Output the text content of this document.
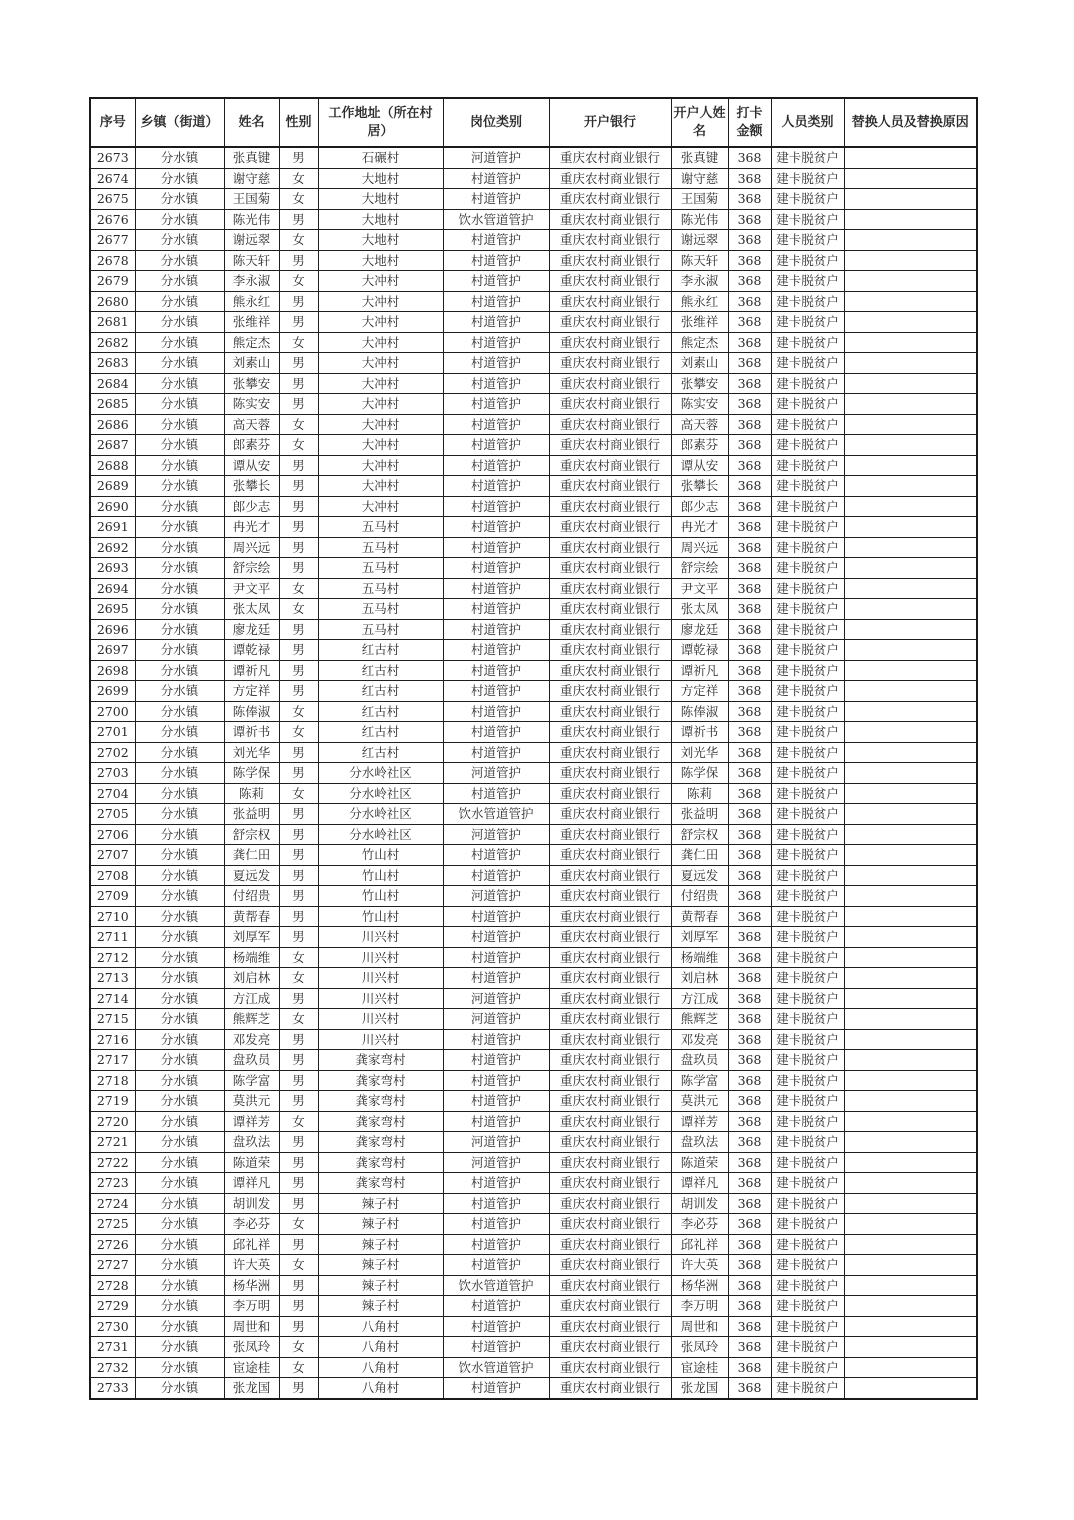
序号	乡镇（街道）	姓名	性别	工作地址（所在村居）	岗位类别	开户银行	开户人姓名	打卡金额	人员类别	替换人员及替换原因
2673	分水镇	张真键	男	石碾村	河道管护	重庆农村商业银行	张真键	368	建卡脱贫户	
2674	分水镇	谢守慈	女	大地村	村道管护	重庆农村商业银行	谢守慈	368	建卡脱贫户	
2675	分水镇	王国菊	女	大地村	村道管护	重庆农村商业银行	王国菊	368	建卡脱贫户	
2676	分水镇	陈光伟	男	大地村	饮水管道管护	重庆农村商业银行	陈光伟	368	建卡脱贫户	
2677	分水镇	谢远翠	女	大地村	村道管护	重庆农村商业银行	谢远翠	368	建卡脱贫户	
2678	分水镇	陈天轩	男	大地村	村道管护	重庆农村商业银行	陈天轩	368	建卡脱贫户	
2679	分水镇	李永淑	女	大冲村	村道管护	重庆农村商业银行	李永淑	368	建卡脱贫户	
2680	分水镇	熊永红	男	大冲村	村道管护	重庆农村商业银行	熊永红	368	建卡脱贫户	
2681	分水镇	张维祥	男	大冲村	村道管护	重庆农村商业银行	张维祥	368	建卡脱贫户	
2682	分水镇	熊定杰	女	大冲村	村道管护	重庆农村商业银行	熊定杰	368	建卡脱贫户	
2683	分水镇	刘素山	男	大冲村	村道管护	重庆农村商业银行	刘素山	368	建卡脱贫户	
2684	分水镇	张攀安	男	大冲村	村道管护	重庆农村商业银行	张攀安	368	建卡脱贫户	
2685	分水镇	陈实安	男	大冲村	村道管护	重庆农村商业银行	陈实安	368	建卡脱贫户	
2686	分水镇	高天蓉	女	大冲村	村道管护	重庆农村商业银行	高天蓉	368	建卡脱贫户	
2687	分水镇	郎素芬	女	大冲村	村道管护	重庆农村商业银行	郎素芬	368	建卡脱贫户	
2688	分水镇	谭从安	男	大冲村	村道管护	重庆农村商业银行	谭从安	368	建卡脱贫户	
2689	分水镇	张攀长	男	大冲村	村道管护	重庆农村商业银行	张攀长	368	建卡脱贫户	
2690	分水镇	郎少志	男	大冲村	村道管护	重庆农村商业银行	郎少志	368	建卡脱贫户	
2691	分水镇	冉光才	男	五马村	村道管护	重庆农村商业银行	冉光才	368	建卡脱贫户	
2692	分水镇	周兴远	男	五马村	村道管护	重庆农村商业银行	周兴远	368	建卡脱贫户	
2693	分水镇	舒宗绘	男	五马村	村道管护	重庆农村商业银行	舒宗绘	368	建卡脱贫户	
2694	分水镇	尹文平	女	五马村	村道管护	重庆农村商业银行	尹文平	368	建卡脱贫户	
2695	分水镇	张太凤	女	五马村	村道管护	重庆农村商业银行	张太凤	368	建卡脱贫户	
2696	分水镇	廖龙廷	男	五马村	村道管护	重庆农村商业银行	廖龙廷	368	建卡脱贫户	
2697	分水镇	谭乾禄	男	红古村	村道管护	重庆农村商业银行	谭乾禄	368	建卡脱贫户	
2698	分水镇	谭祈凡	男	红古村	村道管护	重庆农村商业银行	谭祈凡	368	建卡脱贫户	
2699	分水镇	方定祥	男	红古村	村道管护	重庆农村商业银行	方定祥	368	建卡脱贫户	
2700	分水镇	陈俸淑	女	红古村	村道管护	重庆农村商业银行	陈俸淑	368	建卡脱贫户	
2701	分水镇	谭祈书	女	红古村	村道管护	重庆农村商业银行	谭祈书	368	建卡脱贫户	
2702	分水镇	刘光华	男	红古村	村道管护	重庆农村商业银行	刘光华	368	建卡脱贫户	
2703	分水镇	陈学保	男	分水岭社区	河道管护	重庆农村商业银行	陈学保	368	建卡脱贫户	
2704	分水镇	陈莉	女	分水岭社区	村道管护	重庆农村商业银行	陈莉	368	建卡脱贫户	
2705	分水镇	张益明	男	分水岭社区	饮水管道管护	重庆农村商业银行	张益明	368	建卡脱贫户	
2706	分水镇	舒宗权	男	分水岭社区	河道管护	重庆农村商业银行	舒宗权	368	建卡脱贫户	
2707	分水镇	龚仁田	男	竹山村	村道管护	重庆农村商业银行	龚仁田	368	建卡脱贫户	
2708	分水镇	夏远发	男	竹山村	村道管护	重庆农村商业银行	夏远发	368	建卡脱贫户	
2709	分水镇	付绍贵	男	竹山村	河道管护	重庆农村商业银行	付绍贵	368	建卡脱贫户	
2710	分水镇	黄帮春	男	竹山村	村道管护	重庆农村商业银行	黄帮春	368	建卡脱贫户	
2711	分水镇	刘厚军	男	川兴村	村道管护	重庆农村商业银行	刘厚军	368	建卡脱贫户	
2712	分水镇	杨端维	女	川兴村	村道管护	重庆农村商业银行	杨端维	368	建卡脱贫户	
2713	分水镇	刘启林	女	川兴村	村道管护	重庆农村商业银行	刘启林	368	建卡脱贫户	
2714	分水镇	方江成	男	川兴村	河道管护	重庆农村商业银行	方江成	368	建卡脱贫户	
2715	分水镇	熊辉芝	女	川兴村	河道管护	重庆农村商业银行	熊辉芝	368	建卡脱贫户	
2716	分水镇	邓发亮	男	川兴村	村道管护	重庆农村商业银行	邓发亮	368	建卡脱贫户	
2717	分水镇	盘玖员	男	龚家弯村	村道管护	重庆农村商业银行	盘玖员	368	建卡脱贫户	
2718	分水镇	陈学富	男	龚家弯村	村道管护	重庆农村商业银行	陈学富	368	建卡脱贫户	
2719	分水镇	莫洪元	男	龚家弯村	村道管护	重庆农村商业银行	莫洪元	368	建卡脱贫户	
2720	分水镇	谭祥芳	女	龚家弯村	村道管护	重庆农村商业银行	谭祥芳	368	建卡脱贫户	
2721	分水镇	盘玖法	男	龚家弯村	河道管护	重庆农村商业银行	盘玖法	368	建卡脱贫户	
2722	分水镇	陈道荣	男	龚家弯村	河道管护	重庆农村商业银行	陈道荣	368	建卡脱贫户	
2723	分水镇	谭祥凡	男	龚家弯村	村道管护	重庆农村商业银行	谭祥凡	368	建卡脱贫户	
2724	分水镇	胡训发	男	辣子村	村道管护	重庆农村商业银行	胡训发	368	建卡脱贫户	
2725	分水镇	李必芬	女	辣子村	村道管护	重庆农村商业银行	李必芬	368	建卡脱贫户	
2726	分水镇	邱礼祥	男	辣子村	村道管护	重庆农村商业银行	邱礼祥	368	建卡脱贫户	
2727	分水镇	许大英	女	辣子村	村道管护	重庆农村商业银行	许大英	368	建卡脱贫户	
2728	分水镇	杨华洲	男	辣子村	饮水管道管护	重庆农村商业银行	杨华洲	368	建卡脱贫户	
2729	分水镇	李万明	男	辣子村	村道管护	重庆农村商业银行	李万明	368	建卡脱贫户	
2730	分水镇	周世和	男	八角村	村道管护	重庆农村商业银行	周世和	368	建卡脱贫户	
2731	分水镇	张凤玲	女	八角村	村道管护	重庆农村商业银行	张凤玲	368	建卡脱贫户	
2732	分水镇	宦途桂	女	八角村	饮水管道管护	重庆农村商业银行	宦途桂	368	建卡脱贫户	
2733	分水镇	张龙国	男	八角村	村道管护	重庆农村商业银行	张龙国	368	建卡脱贫户	
